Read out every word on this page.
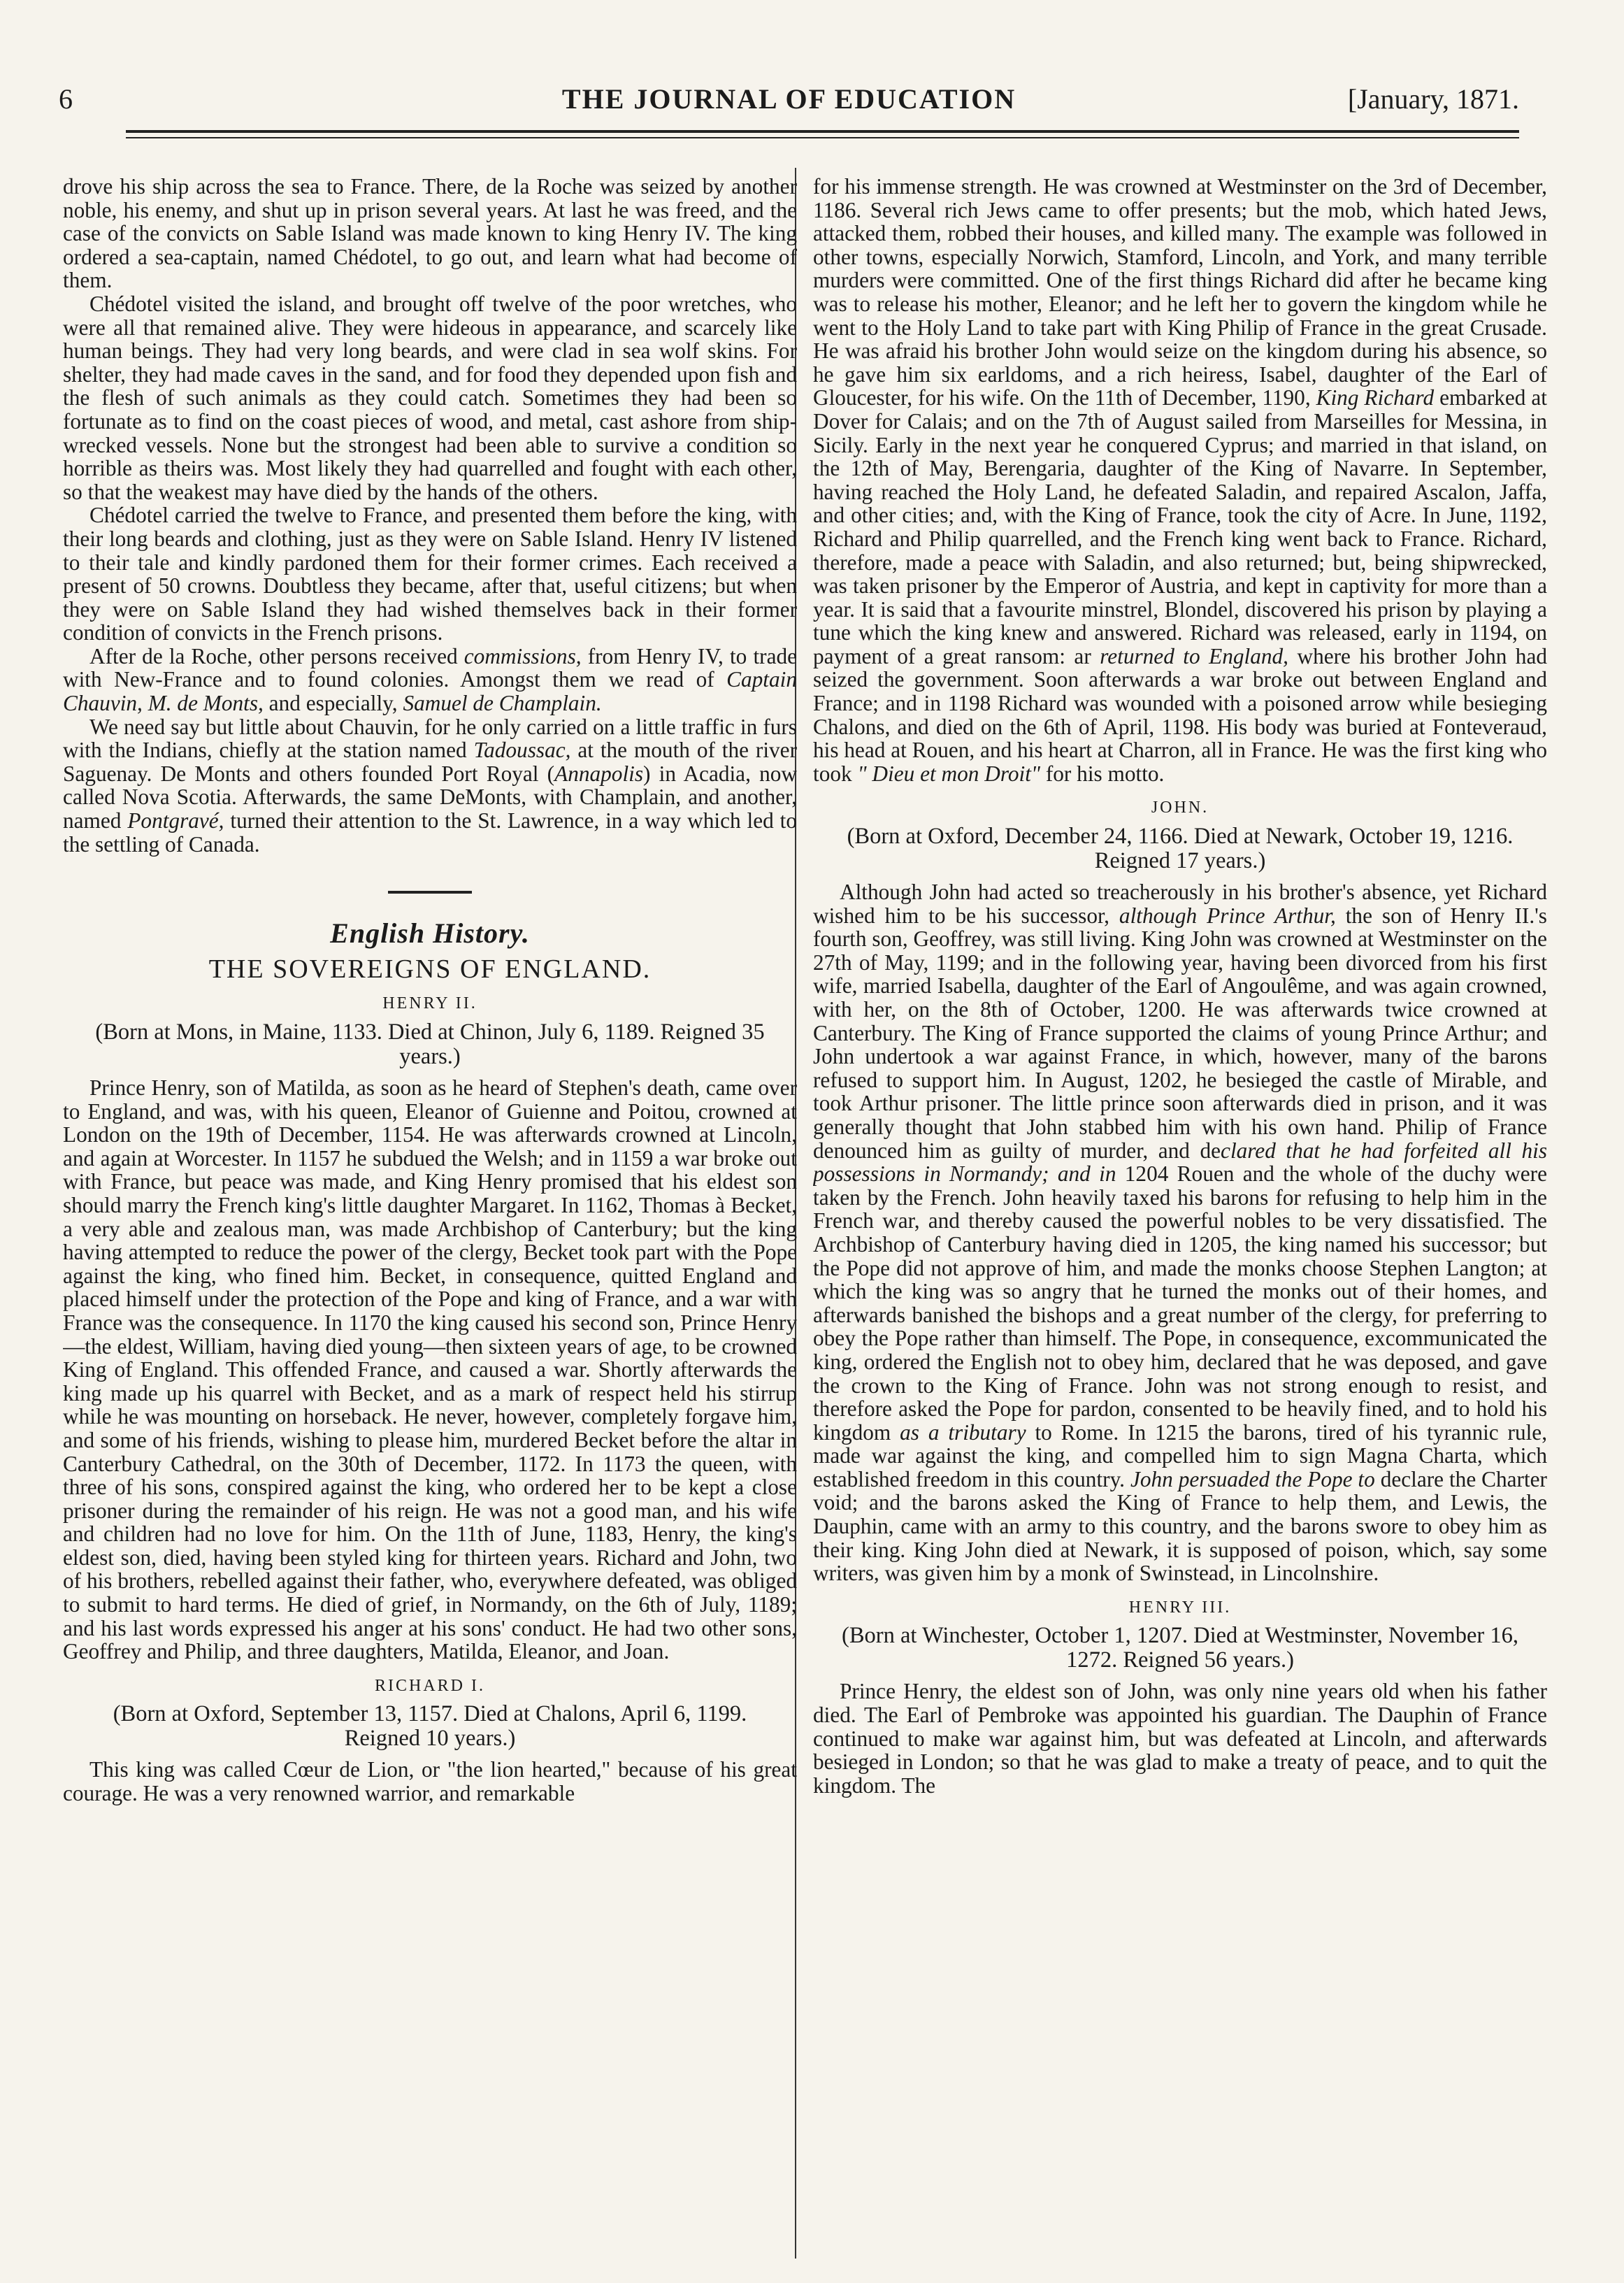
6	THE JOURNAL OF EDUCATION	[January, 1871.

drove his ship across the sea to France. There, de la Roche was seized by another noble, his enemy, and shut up in prison several years. At last he was freed, and the case of the convicts on Sable Island was made known to king Henry IV. The king ordered a sea-captain, named Chédotel, to go out, and learn what had become of them.

Chédotel visited the island, and brought off twelve of the poor wretches, who were all that remained alive. They were hideous in appearance, and scarcely like human beings. They had very long beards, and were clad in sea wolf skins. For shelter, they had made caves in the sand, and for food they depended upon fish and the flesh of such animals as they could catch. Sometimes they had been so fortunate as to find on the coast pieces of wood, and metal, cast ashore from ship-wrecked vessels. None but the strongest had been able to survive a condition so horrible as theirs was. Most likely they had quarrelled and fought with each other, so that the weakest may have died by the hands of the others.

Chédotel carried the twelve to France, and presented them before the king, with their long beards and clothing, just as they were on Sable Island. Henry IV listened to their tale and kindly pardoned them for their former crimes. Each received a present of 50 crowns. Doubtless they became, after that, useful citizens; but when they were on Sable Island they had wished themselves back in their former condition of convicts in the French prisons.

After de la Roche, other persons received commissions, from Henry IV, to trade with New-France and to found colonies. Amongst them we read of Captain Chauvin, M. de Monts, and especially, Samuel de Champlain.

We need say but little about Chauvin, for he only carried on a little traffic in furs with the Indians, chiefly at the station named Tadoussac, at the mouth of the river Saguenay. De Monts and others founded Port Royal (Annapolis) in Acadia, now called Nova Scotia. Afterwards, the same DeMonts, with Champlain, and another, named Pontgravé, turned their attention to the St. Lawrence, in a way which led to the settling of Canada.

English History.
THE SOVEREIGNS OF ENGLAND.
HENRY II.
(Born at Mons, in Maine, 1133. Died at Chinon, July 6, 1189. Reigned 35 years.)

Prince Henry, son of Matilda, as soon as he heard of Stephen's death, came over to England, and was, with his queen, Eleanor of Guienne and Poitou, crowned at London on the 19th of December, 1154. He was afterwards crowned at Lincoln, and again at Worcester. In 1157 he subdued the Welsh; and in 1159 a war broke out with France, but peace was made, and King Henry promised that his eldest son should marry the French king's little daughter Margaret. In 1162, Thomas à Becket, a very able and zealous man, was made Archbishop of Canterbury; but the king having attempted to reduce the power of the clergy, Becket took part with the Pope against the king, who fined him. Becket, in consequence, quitted England and placed himself under the protection of the Pope and king of France, and a war with France was the consequence. In 1170 the king caused his second son, Prince Henry—the eldest, William, having died young—then sixteen years of age, to be crowned King of England. This offended France, and caused a war. Shortly afterwards the king made up his quarrel with Becket, and as a mark of respect held his stirrup while he was mounting on horseback. He never, however, completely forgave him, and some of his friends, wishing to please him, murdered Becket before the altar in Canterbury Cathedral, on the 30th of December, 1172. In 1173 the queen, with three of his sons, conspired against the king, who ordered her to be kept a close prisoner during the remainder of his reign. He was not a good man, and his wife and children had no love for him. On the 11th of June, 1183, Henry, the king's eldest son, died, having been styled king for thirteen years. Richard and John, two of his brothers, rebelled against their father, who, everywhere defeated, was obliged to submit to hard terms. He died of grief, in Normandy, on the 6th of July, 1189; and his last words expressed his anger at his sons' conduct. He had two other sons, Geoffrey and Philip, and three daughters, Matilda, Eleanor, and Joan.

RICHARD I.
(Born at Oxford, September 13, 1157. Died at Chalons, April 6, 1199. Reigned 10 years.)

This king was called Cœur de Lion, or "the lion hearted," because of his great courage. He was a very renowned warrior, and remarkable

for his immense strength. He was crowned at Westminster on the 3rd of December, 1186. Several rich Jews came to offer presents; but the mob, which hated Jews, attacked them, robbed their houses, and killed many. The example was followed in other towns, especially Norwich, Stamford, Lincoln, and York, and many terrible murders were committed. One of the first things Richard did after he became king was to release his mother, Eleanor; and he left her to govern the kingdom while he went to the Holy Land to take part with King Philip of France in the great Crusade. He was afraid his brother John would seize on the kingdom during his absence, so he gave him six earldoms, and a rich heiress, Isabel, daughter of the Earl of Gloucester, for his wife. On the 11th of December, 1190, King Richard embarked at Dover for Calais; and on the 7th of August sailed from Marseilles for Messina, in Sicily. Early in the next year he conquered Cyprus; and married in that island, on the 12th of May, Berengaria, daughter of the King of Navarre. In September, having reached the Holy Land, he defeated Saladin, and repaired Ascalon, Jaffa, and other cities; and, with the King of France, took the city of Acre. In June, 1192, Richard and Philip quarrelled, and the French king went back to France. Richard, therefore, made a peace with Saladin, and also returned; but, being shipwrecked, was taken prisoner by the Emperor of Austria, and kept in captivity for more than a year. It is said that a favourite minstrel, Blondel, discovered his prison by playing a tune which the king knew and answered. Richard was released, early in 1194, on payment of a great ransom: ar returned to England, where his brother John had seized the government. Soon afterwards a war broke out between England and France; and in 1198 Richard was wounded with a poisoned arrow while besieging Chalons, and died on the 6th of April, 1198. His body was buried at Fonteveraud, his head at Rouen, and his heart at Charron, all in France. He was the first king who took " Dieu et mon Droit" for his motto.

JOHN.
(Born at Oxford, December 24, 1166. Died at Newark, October 19, 1216. Reigned 17 years.)

Although John had acted so treacherously in his brother's absence, yet Richard wished him to be his successor, although Prince Arthur, the son of Henry II.'s fourth son, Geoffrey, was still living. King John was crowned at Westminster on the 27th of May, 1199; and in the following year, having been divorced from his first wife, married Isabella, daughter of the Earl of Angoulême, and was again crowned, with her, on the 8th of October, 1200. He was afterwards twice crowned at Canterbury. The King of France supported the claims of young Prince Arthur; and John undertook a war against France, in which, however, many of the barons refused to support him. In August, 1202, he besieged the castle of Mirable, and took Arthur prisoner. The little prince soon afterwards died in prison, and it was generally thought that John stabbed him with his own hand. Philip of France denounced him as guilty of murder, and declared that he had forfeited all his possessions in Normandy; and in 1204 Rouen and the whole of the duchy were taken by the French. John heavily taxed his barons for refusing to help him in the French war, and thereby caused the powerful nobles to be very dissatisfied. The Archbishop of Canterbury having died in 1205, the king named his successor; but the Pope did not approve of him, and made the monks choose Stephen Langton; at which the king was so angry that he turned the monks out of their homes, and afterwards banished the bishops and a great number of the clergy, for preferring to obey the Pope rather than himself. The Pope, in consequence, excommunicated the king, ordered the English not to obey him, declared that he was deposed, and gave the crown to the King of France. John was not strong enough to resist, and therefore asked the Pope for pardon, consented to be heavily fined, and to hold his kingdom as a tributary to Rome. In 1215 the barons, tired of his tyrannic rule, made war against the king, and compelled him to sign Magna Charta, which established freedom in this country. John persuaded the Pope to declare the Charter void; and the barons asked the King of France to help them, and Lewis, the Dauphin, came with an army to this country, and the barons swore to obey him as their king. King John died at Newark, it is supposed of poison, which, say some writers, was given him by a monk of Swinstead, in Lincolnshire.

HENRY III.
(Born at Winchester, October 1, 1207. Died at Westminster, November 16, 1272. Reigned 56 years.)

Prince Henry, the eldest son of John, was only nine years old when his father died. The Earl of Pembroke was appointed his guardian. The Dauphin of France continued to make war against him, but was defeated at Lincoln, and afterwards besieged in London; so that he was glad to make a treaty of peace, and to quit the kingdom. The
